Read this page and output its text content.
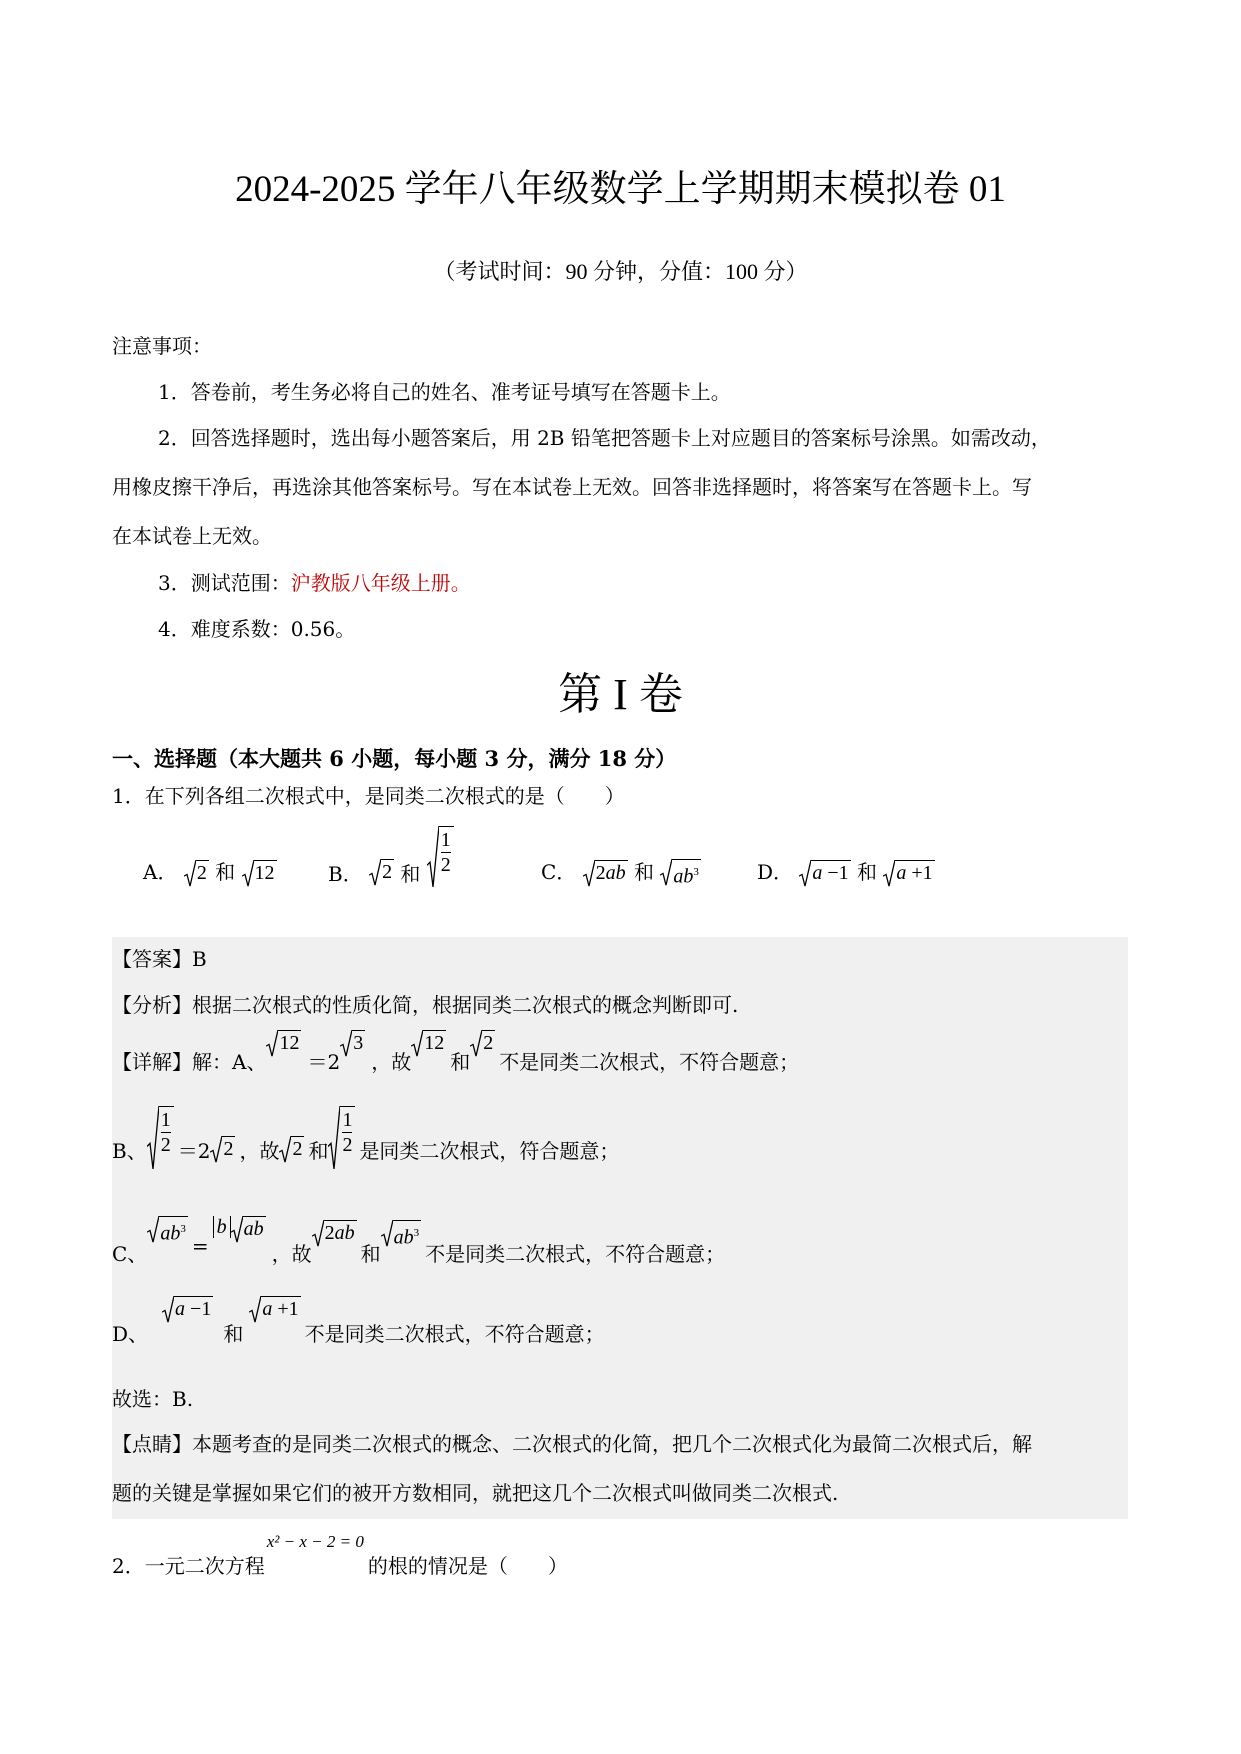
2024-2025 学年八年级数学上学期期末模拟卷 01
（考试时间：90 分钟，分值：100 分）
注意事项：
1．答卷前，考生务必将自己的姓名、准考证号填写在答题卡上。
2．回答选择题时，选出每小题答案后，用 2B 铅笔把答题卡上对应题目的答案标号涂黑。如需改动，
用橡皮擦干净后，再选涂其他答案标号。写在本试卷上无效。回答非选择题时，将答案写在答题卡上。写
在本试卷上无效。
3．测试范围：沪教版八年级上册。
4．难度系数：0.56。
第 I 卷
一、选择题（本大题共 6 小题，每小题 3 分，满分 18 分）
1．在下列各组二次根式中，是同类二次根式的是（　　）
A． 2 和 12	B． 2 和 $\frac{1}{2}$	C． 2ab 和 $ab^3$	D． a −1 和 a +1
【答案】B
【分析】根据二次根式的性质化简，根据同类二次根式的概念判断即可.
【详解】解：A、
12
＝2
3
，故
12
和
2
不是同类二次根式，不符合题意；
B、 $\frac{1}{2} =2$ 2 ，故 2 和 $\frac{1}{2}$ 是同类二次根式，符合题意；
C、
$ab^3$
=
b ab
，故
2ab
和
$ab^3$
不是同类二次根式，不符合题意；
D、
a −1
和
a +1
不是同类二次根式，不符合题意；
故选：B.
【点睛】本题考查的是同类二次根式的概念、二次根式的化简，把几个二次根式化为最简二次根式后，解
题的关键是掌握如果它们的被开方数相同，就把这几个二次根式叫做同类二次根式.
2．一元二次方程
x² − x − 2 = 0
的根的情况是（　　）
